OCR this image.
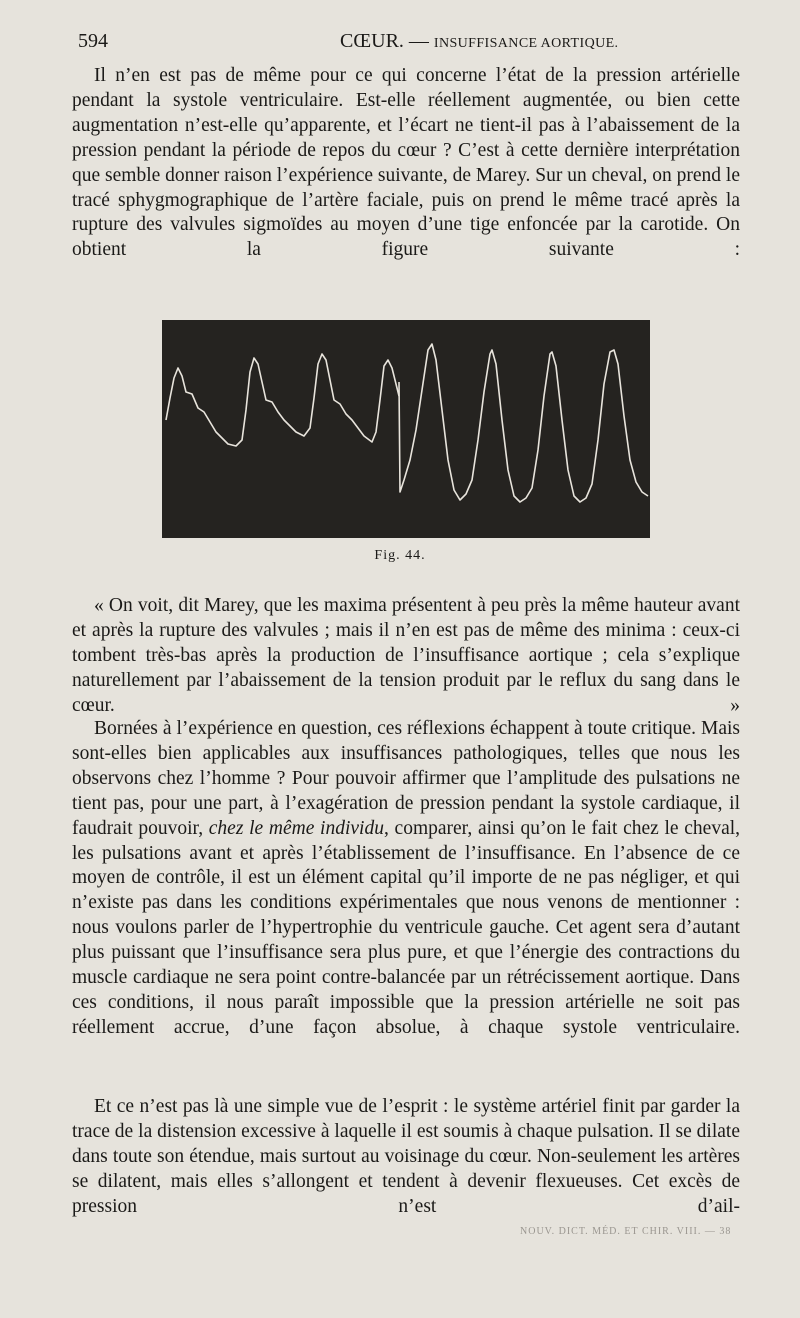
594	CŒUR. — INSUFFISANCE AORTIQUE.

Il n’en est pas de même pour ce qui concerne l’état de la pression artérielle pendant la systole ventriculaire. Est-elle réellement augmentée, ou bien cette augmentation n’est-elle qu’apparente, et l’écart ne tient-il pas à l’abaissement de la pression pendant la période de repos du cœur ? C’est à cette dernière interprétation que semble donner raison l’expérience suivante, de Marey. Sur un cheval, on prend le tracé sphygmographique de l’artère faciale, puis on prend le même tracé après la rupture des valvules sigmoïdes au moyen d’une tige enfoncée par la carotide. On obtient la figure suivante :

Fig. 44.

« On voit, dit Marey, que les maxima présentent à peu près la même hauteur avant et après la rupture des valvules ; mais il n’en est pas de même des minima : ceux-ci tombent très-bas après la production de l’insuffisance aortique ; cela s’explique naturellement par l’abaissement de la tension produit par le reflux du sang dans le cœur. »

Bornées à l’expérience en question, ces réflexions échappent à toute critique. Mais sont-elles bien applicables aux insuffisances pathologiques, telles que nous les observons chez l’homme ? Pour pouvoir affirmer que l’amplitude des pulsations ne tient pas, pour une part, à l’exagération de pression pendant la systole cardiaque, il faudrait pouvoir, chez le même individu, comparer, ainsi qu’on le fait chez le cheval, les pulsations avant et après l’établissement de l’insuffisance. En l’absence de ce moyen de contrôle, il est un élément capital qu’il importe de ne pas négliger, et qui n’existe pas dans les conditions expérimentales que nous venons de mentionner : nous voulons parler de l’hypertrophie du ventricule gauche. Cet agent sera d’autant plus puissant que l’insuffisance sera plus pure, et que l’énergie des contractions du muscle cardiaque ne sera point contre-balancée par un rétrécissement aortique. Dans ces conditions, il nous paraît impossible que la pression artérielle ne soit pas réellement accrue, d’une façon absolue, à chaque systole ventriculaire.

Et ce n’est pas là une simple vue de l’esprit : le système artériel finit par garder la trace de la distension excessive à laquelle il est soumis à chaque pulsation. Il se dilate dans toute son étendue, mais surtout au voisinage du cœur. Non-seulement les artères se dilatent, mais elles s’allongent et tendent à devenir flexueuses. Cet excès de pression n’est d’ail-

NOUV. DICT. MÉD. ET CHIR. VIII. — 38
